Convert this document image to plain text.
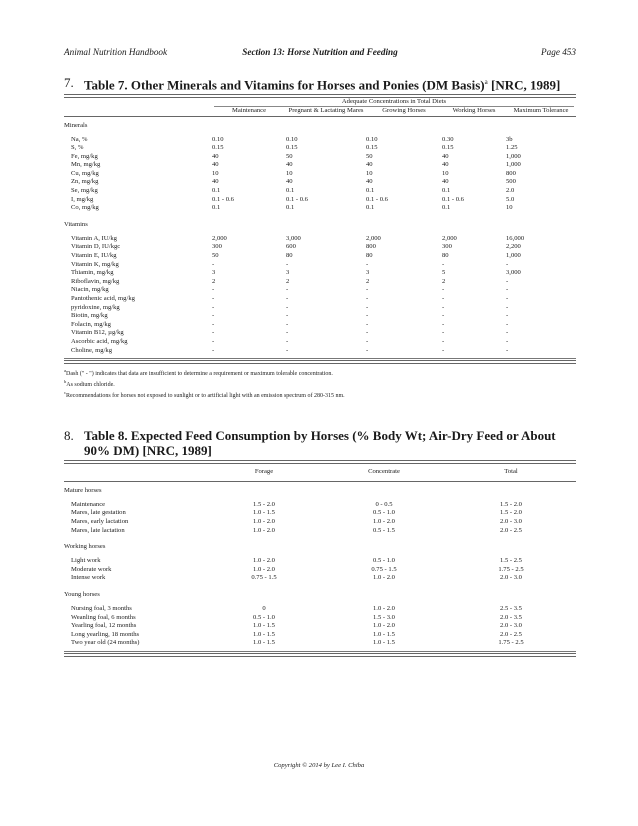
Animal Nutrition Handbook	Section 13: Horse Nutrition and Feeding	Page 453
7. Table 7. Other Minerals and Vitamins for Horses and Ponies (DM Basis)$^a$ [NRC, 1989]
	Adequate Concentrations in Total Diets				

	Maintenance	Pregnant & Lactating Mares	Growing Horses	Working Horses	Maximum Tolerance

Minerals					

Na, %	0.10	0.10	0.10	0.30	3b
S, %	0.15	0.15	0.15	0.15	1.25
Fe, mg/kg	40	50	50	40	1,000
Mn, mg/kg	40	40	40	40	1,000
Cu, mg/kg	10	10	10	10	800
Zn, mg/kg	40	40	40	40	500
Se, mg/kg	0.1	0.1	0.1	0.1	2.0
I, mg/kg	0.1 - 0.6	0.1 - 0.6	0.1 - 0.6	0.1 - 0.6	5.0
Co, mg/kg	0.1	0.1	0.1	0.1	10

Vitamins					

Vitamin A, IU/kg	2,000	3,000	2,000	2,000	16,000
Vitamin D, IU/kgc	300	600	800	300	2,200
Vitamin E, IU/kg	50	80	80	80	1,000
Vitamin K, mg/kg	-	-	-	-	-
Thiamin, mg/kg	3	3	3	5	3,000
Riboflavin, mg/kg	2	2	2	2	-
Niacin, mg/kg	-	-	-	-	-
Pantothenic acid, mg/kg	-	-	-	-	-
pyridoxine, mg/kg	-	-	-	-	-
Biotin, mg/kg	-	-	-	-	-
Folacin, mg/kg	-	-	-	-	-
Vitamin B12, µg/kg	-	-	-	-	-
Ascorbic acid, mg/kg	-	-	-	-	-
Choline, mg/kg	-	-	-	-	-
$^a$Dash (" - ") indicates that data are insufficient to determine a requirement or maximum tolerable concentration.
$^b$As sodium chloride.
$^c$Recommendations for horses not exposed to sunlight or to artificial light with an emission spectrum of 280-315 nm.
8. Table 8. Expected Feed Consumption by Horses (% Body Wt; Air-Dry Feed or About 90% DM) [NRC, 1989]

	Forage	Concentrate	Total

Mature horses			

Maintenance	1.5 - 2.0	0 - 0.5	1.5 - 2.0
Mares, late gestation	1.0 - 1.5	0.5 - 1.0	1.5 - 2.0
Mares, early lactation	1.0 - 2.0	1.0 - 2.0	2.0 - 3.0
Mares, late lactation	1.0 - 2.0	0.5 - 1.5	2.0 - 2.5

Working horses			

Light work	1.0 - 2.0	0.5 - 1.0	1.5 - 2.5
Moderate work	1.0 - 2.0	0.75 - 1.5	1.75 - 2.5
Intense work	0.75 - 1.5	1.0 - 2.0	2.0 - 3.0

Young horses			

Nursing foal, 3 months	0	1.0 - 2.0	2.5 - 3.5
Weanling foal, 6 months	0.5 - 1.0	1.5 - 3.0	2.0 - 3.5
Yearling foal, 12 months	1.0 - 1.5	1.0 - 2.0	2.0 - 3.0
Long yearling, 18 months	1.0 - 1.5	1.0 - 1.5	2.0 - 2.5
Two year old (24 months)	1.0 - 1.5	1.0 - 1.5	1.75 - 2.5
Copyright © 2014 by Lee I. Chiba
